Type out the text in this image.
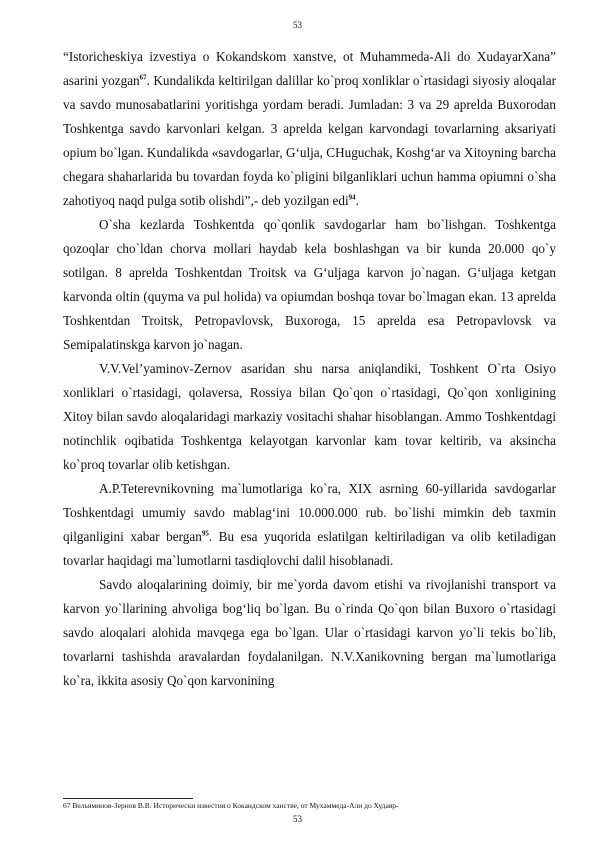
53

“Istoricheskiya izvestiya o Kokandskom xanstve, ot Muhammeda-Ali do XudayarXana” asarini yozgan$^{67}$. Kundalikda keltirilgan dalillar ko`proq xonliklar o`rtasidagi siyosiy aloqalar va savdo munosabatlarini yoritishga yordam beradi. Jumladan: 3 va 29 aprelda Buxorodan Toshkentga savdo karvonlari kelgan. 3 aprelda kelgan karvondagi tovarlarning aksariyati opium bo`lgan. Kundalikda «savdogarlar, G‘ulja, CHuguchak, Koshg‘ar va Xitoyning barcha chegara shaharlarida bu tovardan foyda ko`pligini bilganliklari uchun hamma opiumni o`sha zahotiyoq naqd pulga sotib olishdi”,- deb yozilgan edi$^{94}$.

O`sha kezlarda Toshkentda qo`qonlik savdogarlar ham bo`lishgan. Toshkentga qozoqlar cho`ldan chorva mollari haydab kela boshlashgan va bir kunda 20.000 qo`y sotilgan. 8 aprelda Toshkentdan Troitsk va G‘uljaga karvon jo`nagan. G‘uljaga ketgan karvonda oltin (quyma va pul holida) va opiumdan boshqa tovar bo`lmagan ekan. 13 aprelda Toshkentdan Troitsk, Petropavlovsk, Buxoroga, 15 aprelda esa Petropavlovsk va Semipalatinskga karvon jo`nagan.

V.V.Vel’yaminov-Zernov asaridan shu narsa aniqlandiki, Toshkent O`rta Osiyo xonliklari o`rtasidagi, qolaversa, Rossiya bilan Qo`qon o`rtasidagi, Qo`qon xonligining Xitoy bilan savdo aloqalaridagi markaziy vositachi shahar hisoblangan. Ammo Toshkentdagi notinchlik oqibatida Toshkentga kelayotgan karvonlar kam tovar keltirib, va aksincha ko`proq tovarlar olib ketishgan.

A.P.Teterevnikovning ma`lumotlariga ko`ra, XIX asrning 60-yillarida savdogarlar Toshkentdagi umumiy savdo mablag‘ini 10.000.000 rub. bo`lishi mimkin deb taxmin qilganligini xabar bergan$^{95}$. Bu esa yuqorida eslatilgan keltiriladigan va olib ketiladigan tovarlar haqidagi ma`lumotlarni tasdiqlovchi dalil hisoblanadi.

Savdo aloqalarining doimiy, bir me`yorda davom etishi va rivojlanishi transport va karvon yo`llarining ahvoliga bog‘liq bo`lgan. Bu o`rinda Qo`qon bilan Buxoro o`rtasidagi savdo aloqalari alohida mavqega ega bo`lgan. Ular o`rtasidagi karvon yo`li tekis bo`lib, tovarlarni tashishda aravalardan foydalanilgan. N.V.Xanikovning bergan ma`lumotlariga ko`ra, ikkita asosiy Qo`qon karvonining

67 Вельяминов-Зернов В.В. Исторически известия о Кокандском ханстве, от Мухаммеда-Али до Худаяр-
53
